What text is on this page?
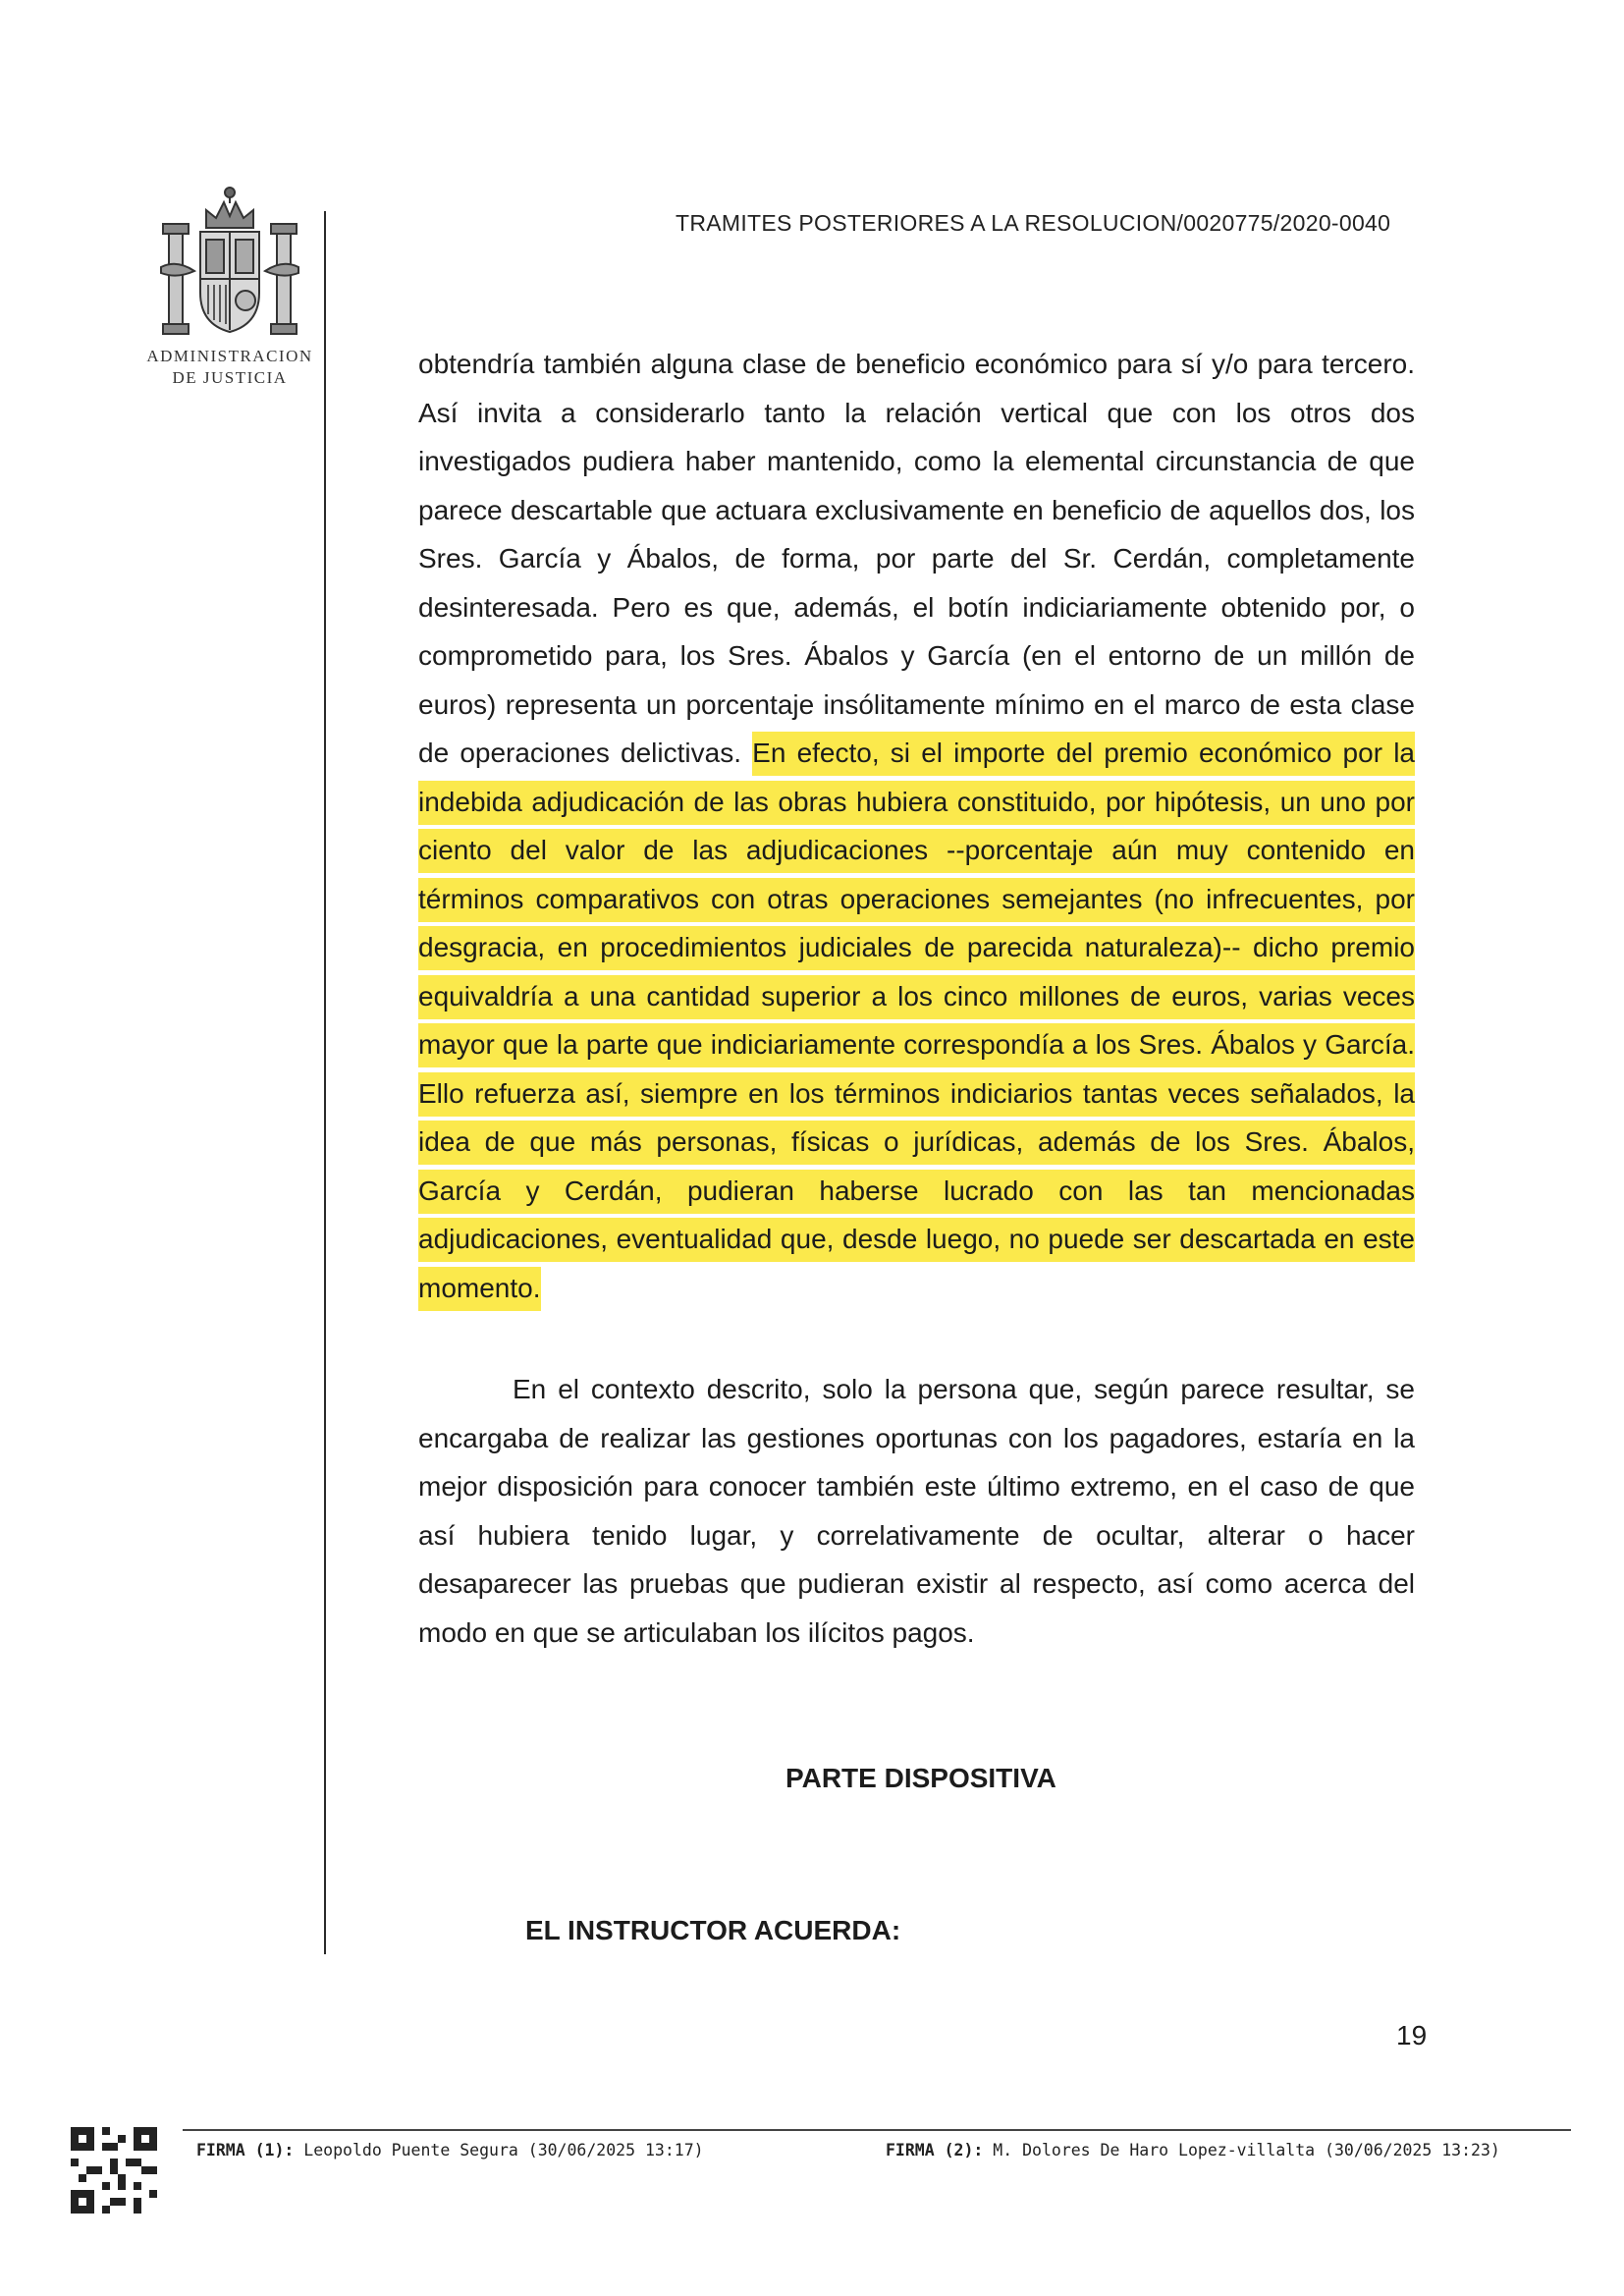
ADMINISTRACION
DE JUSTICIA
TRAMITES POSTERIORES A LA RESOLUCION/0020775/2020-0040

obtendría también alguna clase de beneficio económico para sí y/o para tercero. Así invita a considerarlo tanto la relación vertical que con los otros dos investigados pudiera haber mantenido, como la elemental circunstancia de que parece descartable que actuara exclusivamente en beneficio de aquellos dos, los Sres. García y Ábalos, de forma, por parte del Sr. Cerdán, completamente desinteresada. Pero es que, además, el botín indiciariamente obtenido por, o comprometido para, los Sres. Ábalos y García (en el entorno de un millón de euros) representa un porcentaje insólitamente mínimo en el marco de esta clase de operaciones delictivas. En efecto, si el importe del premio económico por la indebida adjudicación de las obras hubiera constituido, por hipótesis, un uno por ciento del valor de las adjudicaciones --porcentaje aún muy contenido en términos comparativos con otras operaciones semejantes (no infrecuentes, por desgracia, en procedimientos judiciales de parecida naturaleza)-- dicho premio equivaldría a una cantidad superior a los cinco millones de euros, varias veces mayor que la parte que indiciariamente correspondía a los Sres. Ábalos y García. Ello refuerza así, siempre en los términos indiciarios tantas veces señalados, la idea de que más personas, físicas o jurídicas, además de los Sres. Ábalos, García y Cerdán, pudieran haberse lucrado con las tan mencionadas adjudicaciones, eventualidad que, desde luego, no puede ser descartada en este momento.

En el contexto descrito, solo la persona que, según parece resultar, se encargaba de realizar las gestiones oportunas con los pagadores, estaría en la mejor disposición para conocer también este último extremo, en el caso de que así hubiera tenido lugar, y correlativamente de ocultar, alterar o hacer desaparecer las pruebas que pudieran existir al respecto, así como acerca del modo en que se articulaban los ilícitos pagos.

PARTE DISPOSITIVA
EL INSTRUCTOR ACUERDA:
19
FIRMA (1): Leopoldo Puente Segura (30/06/2025 13:17)	FIRMA (2): M. Dolores De Haro Lopez-villalta (30/06/2025 13:23)
